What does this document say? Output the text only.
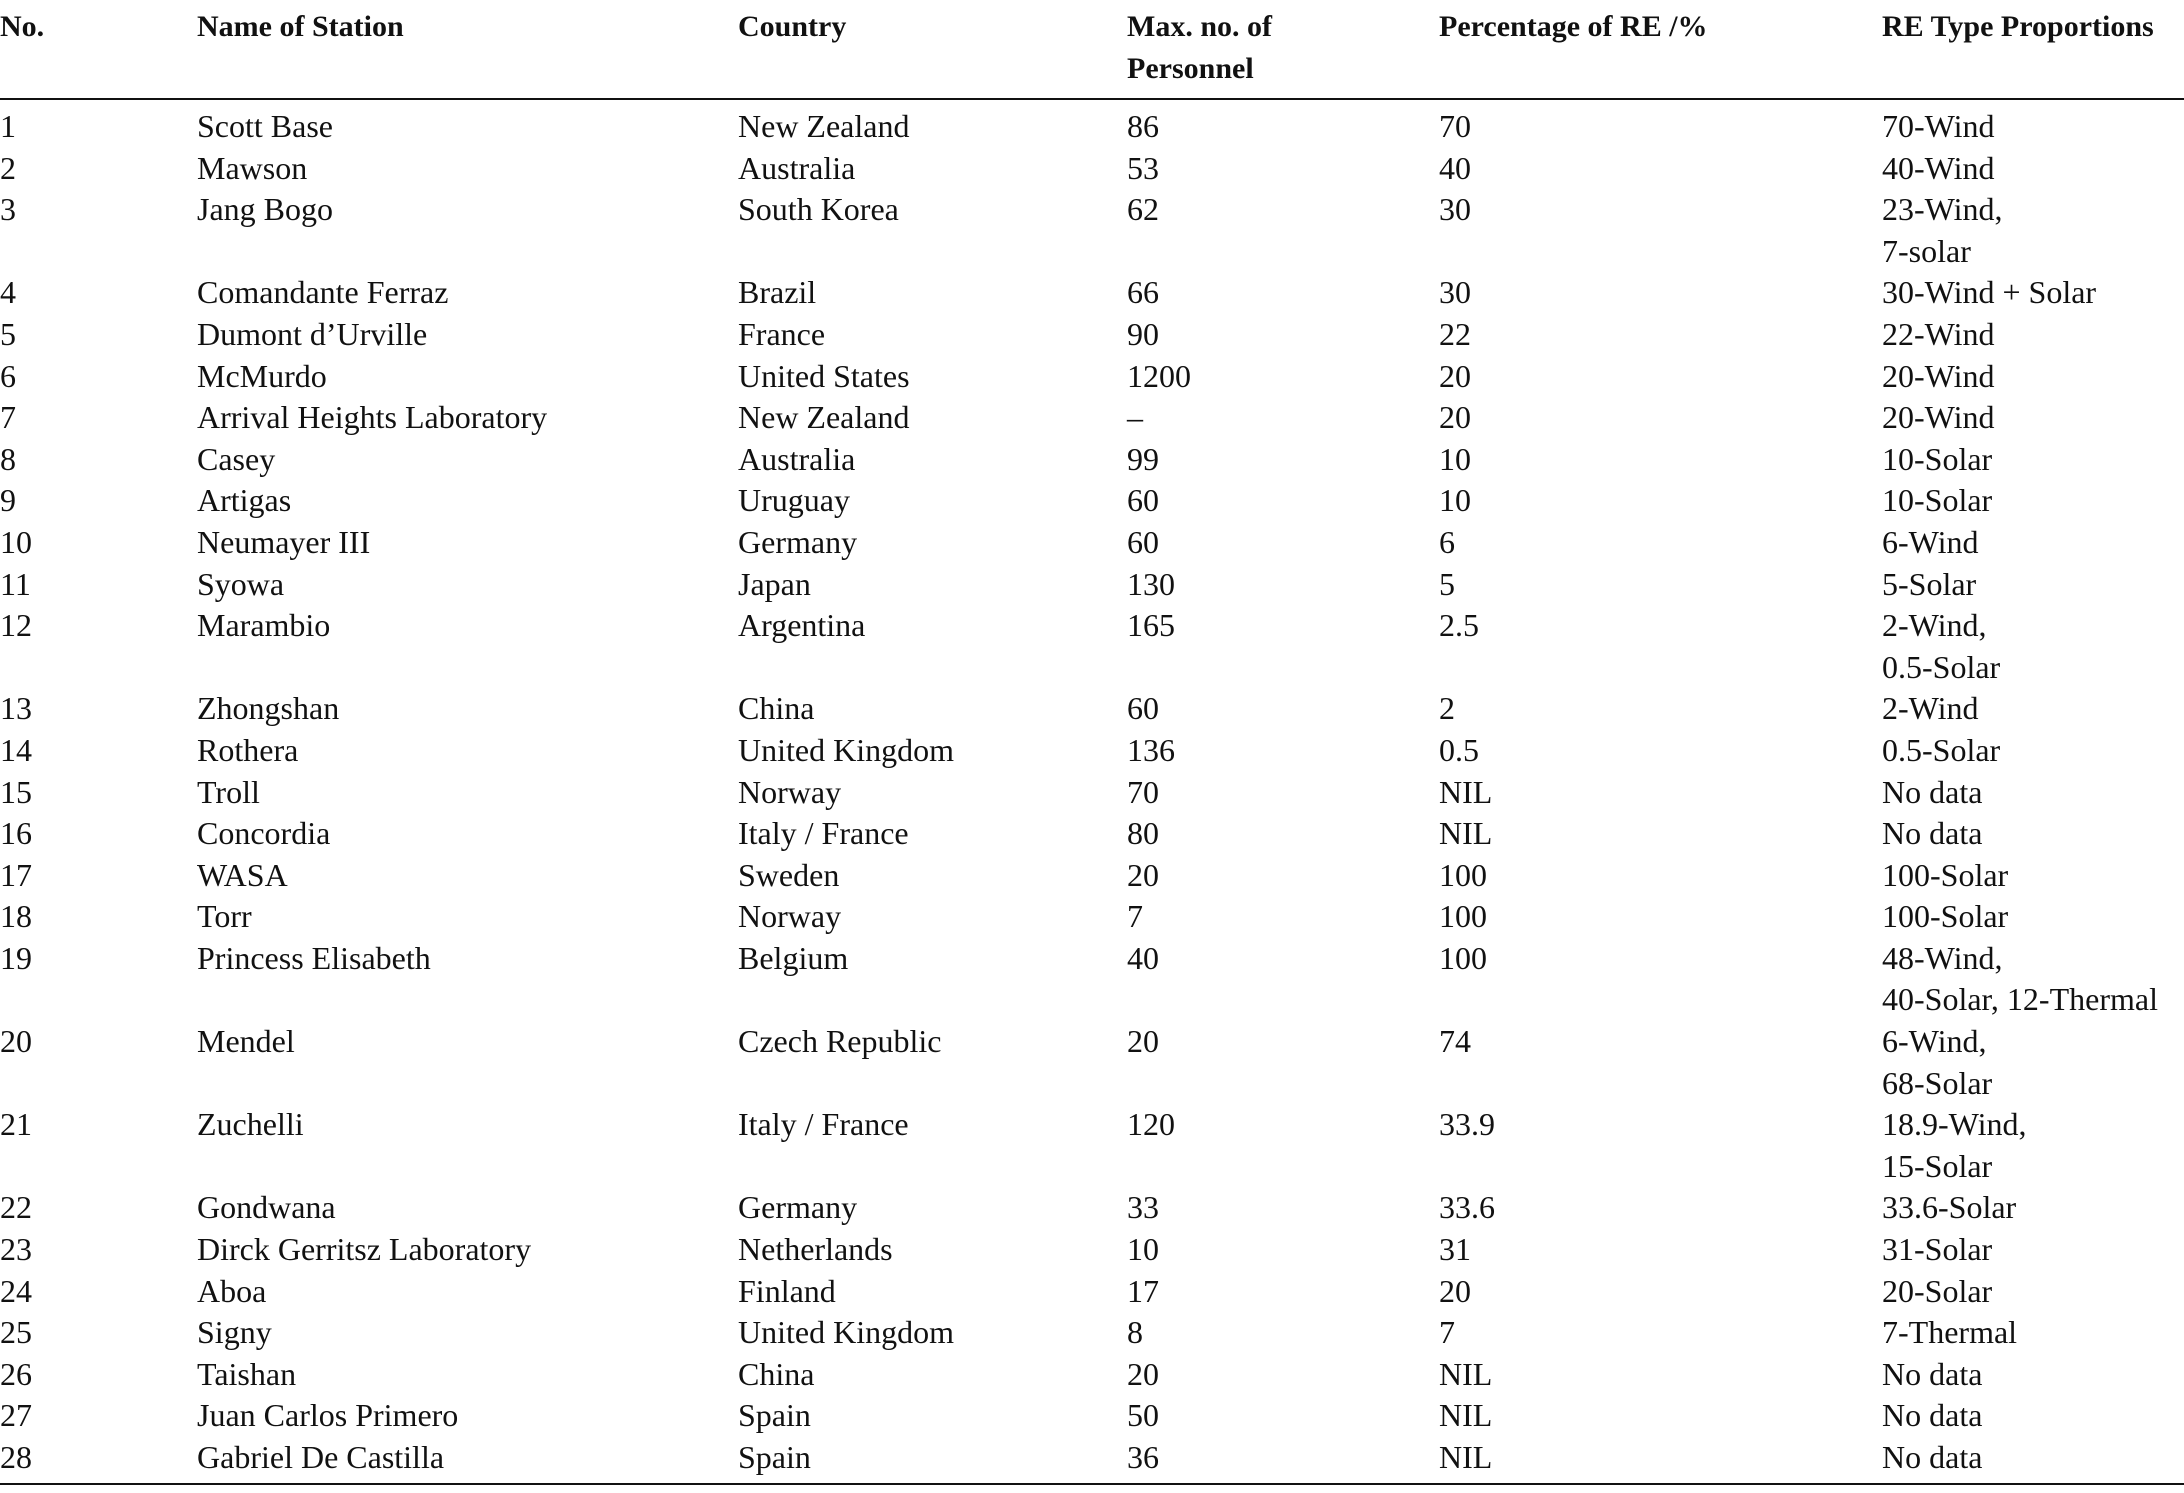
No.	Name of Station	Country	Max. no. of Personnel	Percentage of RE /%	RE Type Proportions
1	Scott Base	New Zealand	86	70	70-Wind

2	Mawson	Australia	53	40	40-Wind

3	Jang Bogo	South Korea	62	30	23-Wind,
7-solar

4	Comandante Ferraz	Brazil	66	30	30-Wind + Solar

5	Dumont d’Urville	France	90	22	22-Wind

6	McMurdo	United States	1200	20	20-Wind

7	Arrival Heights Laboratory	New Zealand	–	20	20-Wind

8	Casey	Australia	99	10	10-Solar

9	Artigas	Uruguay	60	10	10-Solar

10	Neumayer III	Germany	60	6	6-Wind

11	Syowa	Japan	130	5	5-Solar

12	Marambio	Argentina	165	2.5	2-Wind,
0.5-Solar

13	Zhongshan	China	60	2	2-Wind

14	Rothera	United Kingdom	136	0.5	0.5-Solar

15	Troll	Norway	70	NIL	No data

16	Concordia	Italy / France	80	NIL	No data

17	WASA	Sweden	20	100	100-Solar

18	Torr	Norway	7	100	100-Solar

19	Princess Elisabeth	Belgium	40	100	48-Wind,
40-Solar, 12-Thermal

20	Mendel	Czech Republic	20	74	6-Wind,
68-Solar

21	Zuchelli	Italy / France	120	33.9	18.9-Wind,
15-Solar

22	Gondwana	Germany	33	33.6	33.6-Solar

23	Dirck Gerritsz Laboratory	Netherlands	10	31	31-Solar

24	Aboa	Finland	17	20	20-Solar

25	Signy	United Kingdom	8	7	7-Thermal

26	Taishan	China	20	NIL	No data

27	Juan Carlos Primero	Spain	50	NIL	No data

28	Gabriel De Castilla	Spain	36	NIL	No data
